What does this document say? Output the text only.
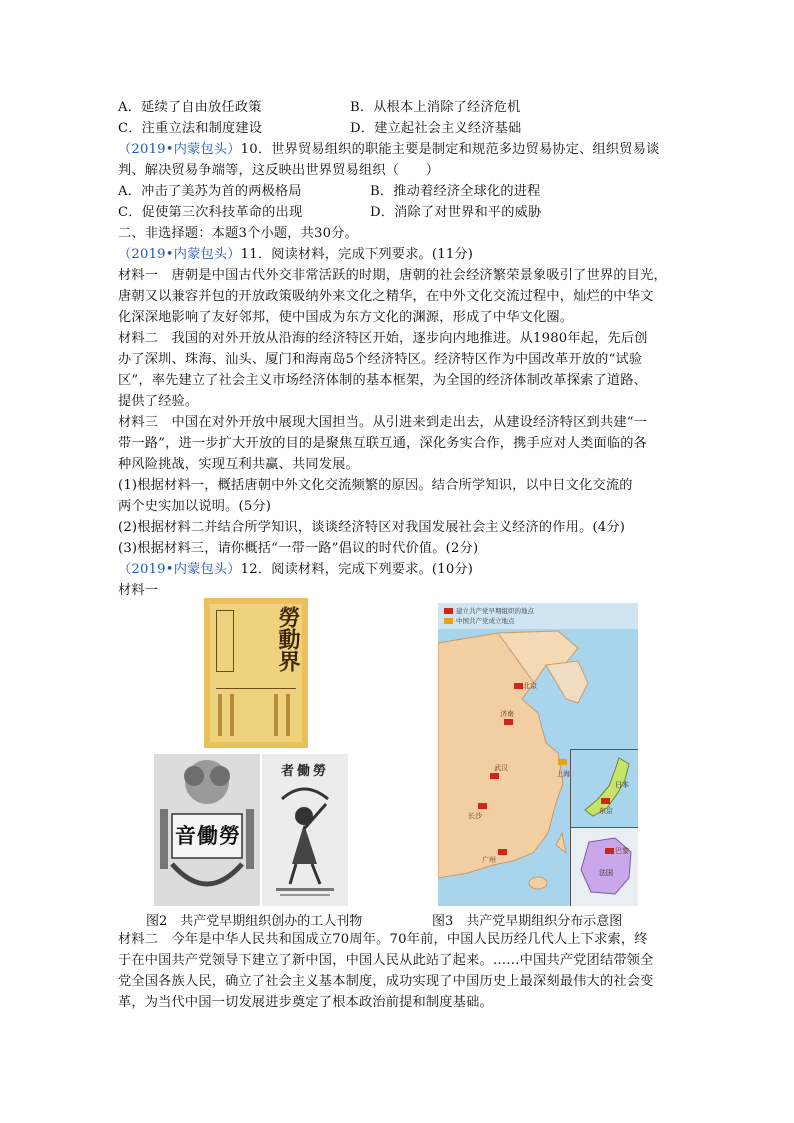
A．延续了自由放任政策	B．从根本上消除了经济危机
C．注重立法和制度建设	D．建立起社会主义经济基础
（2019•内蒙包头）10．世界贸易组织的职能主要是制定和规范多边贸易协定、组织贸易谈
判、解决贸易争端等，这反映出世界贸易组织（　　）
A．冲击了美苏为首的两极格局	B．推动着经济全球化的进程
C．促使第三次科技革命的出现	D．消除了对世界和平的威胁
二、非选择题：本题3个小题，共30分。
（2019•内蒙包头）11．阅读材料，完成下列要求。(11分)
材料一　唐朝是中国古代外交非常活跃的时期，唐朝的社会经济繁荣景象吸引了世界的目光，
唐朝又以兼容并包的开放政策吸纳外来文化之精华，在中外文化交流过程中，灿烂的中华文
化深深地影响了友好邻邦，使中国成为东方文化的渊源，形成了中华文化圈。
材料二　我国的对外开放从沿海的经济特区开始，逐步向内地推进。从1980年起，先后创
办了深圳、珠海、汕头、厦门和海南岛5个经济特区。经济特区作为中国改革开放的“试验
区”，率先建立了社会主义市场经济体制的基本框架，为全国的经济体制改革探索了道路、
提供了经验。
材料三　中国在对外开放中展现大国担当。从引进来到走出去，从建设经济特区到共建“一
带一路”，进一步扩大开放的目的是聚焦互联互通，深化务实合作，携手应对人类面临的各
种风险挑战，实现互利共赢、共同发展。
(1)根据材料一，概括唐朝中外文化交流频繁的原因。结合所学知识，以中日文化交流的
两个史实加以说明。(5分)
(2)根据材料二并结合所学知识，谈谈经济特区对我国发展社会主义经济的作用。(4分)
(3)根据材料三，请你概括“一带一路”倡议的时代价值。(2分)
（2019•内蒙包头）12．阅读材料，完成下列要求。(10分)
材料一
勞動界
音働勞
者働勞
建立共产党早期组织的地点
中国共产党成立地点
北京
济南
武汉
上海
长沙
广州
日本
东京
巴黎
法国
图2　共产党早期组织创办的工人刊物	图3　共产党早期组织分布示意图
材料二　今年是中华人民共和国成立70周年。70年前，中国人民历经几代人上下求索，终
于在中国共产党领导下建立了新中国，中国人民从此站了起来。……中国共产党团结带领全
党全国各族人民，确立了社会主义基本制度，成功实现了中国历史上最深刻最伟大的社会变
革，为当代中国一切发展进步奠定了根本政治前提和制度基础。
